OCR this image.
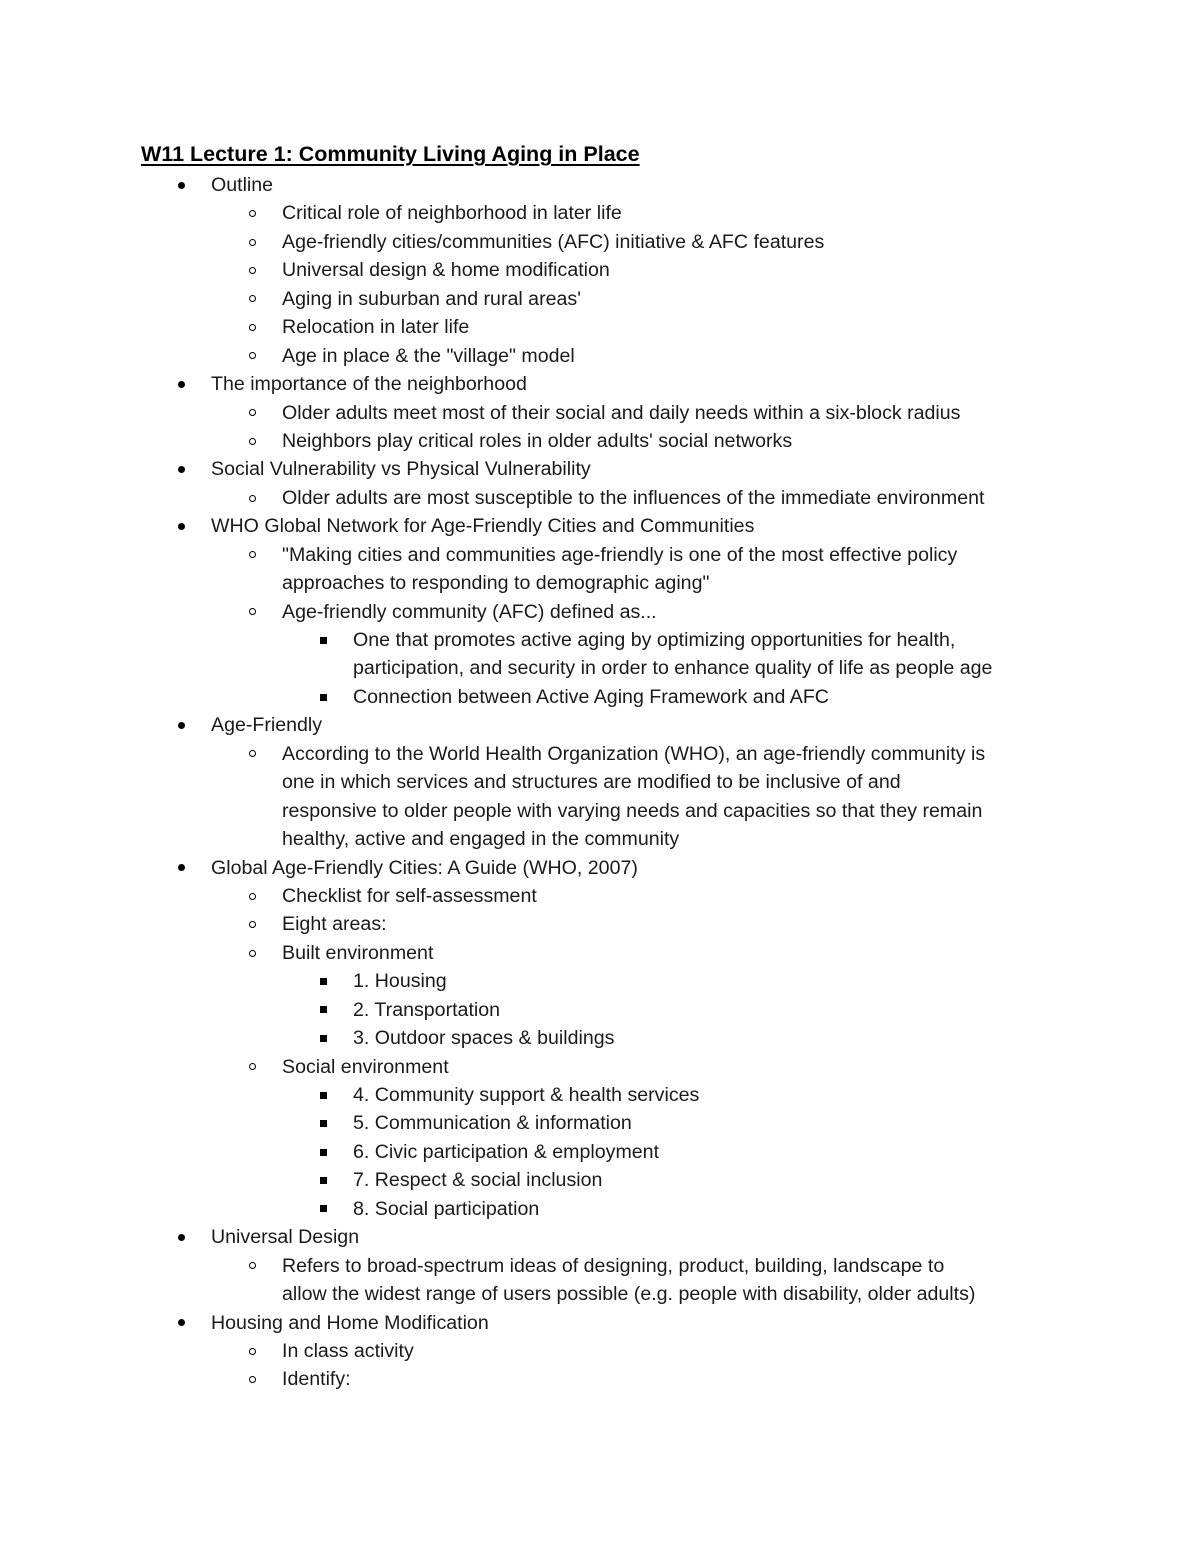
W11 Lecture 1: Community Living Aging in Place
Outline
Critical role of neighborhood in later life
Age-friendly cities/communities (AFC) initiative & AFC features
Universal design & home modification
Aging in suburban and rural areas'
Relocation in later life
Age in place & the "village" model
The importance of the neighborhood
Older adults meet most of their social and daily needs within a six-block radius
Neighbors play critical roles in older adults' social networks
Social Vulnerability vs Physical Vulnerability
Older adults are most susceptible to the influences of the immediate environment
WHO Global Network for Age-Friendly Cities and Communities
"Making cities and communities age-friendly is one of the most effective policy
approaches to responding to demographic aging"
Age-friendly community (AFC) defined as...
One that promotes active aging by optimizing opportunities for health,
participation, and security in order to enhance quality of life as people age
Connection between Active Aging Framework and AFC
Age-Friendly
According to the World Health Organization (WHO), an age-friendly community is
one in which services and structures are modified to be inclusive of and
responsive to older people with varying needs and capacities so that they remain
healthy, active and engaged in the community
Global Age-Friendly Cities: A Guide (WHO, 2007)
Checklist for self-assessment
Eight areas:
Built environment
1. Housing
2. Transportation
3. Outdoor spaces & buildings
Social environment
4. Community support & health services
5. Communication & information
6. Civic participation & employment
7. Respect & social inclusion
8. Social participation
Universal Design
Refers to broad-spectrum ideas of designing, product, building, landscape to
allow the widest range of users possible (e.g. people with disability, older adults)
Housing and Home Modification
In class activity
Identify:
